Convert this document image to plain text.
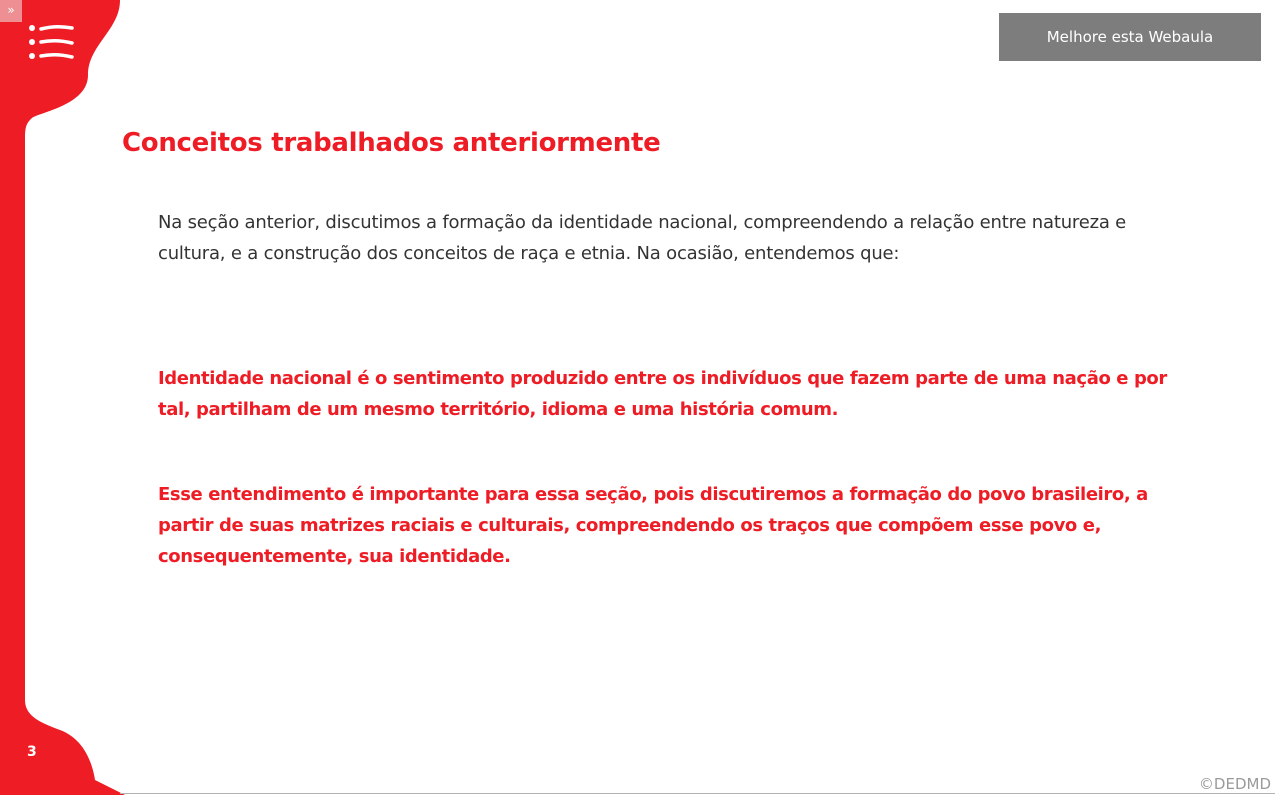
»
3
Melhore esta Webaula
Conceitos trabalhados anteriormente

Na seção anterior, discutimos a formação da identidade nacional, compreendendo a relação entre natureza e cultura, e a construção dos conceitos de raça e etnia. Na ocasião, entendemos que:

Identidade nacional é o sentimento produzido entre os indivíduos que fazem parte de uma nação e por tal, partilham de um mesmo território, idioma e uma história comum.

Esse entendimento é importante para essa seção, pois discutiremos a formação do povo brasileiro, a partir de suas matrizes raciais e culturais, compreendendo os traços que compõem esse povo e, consequentemente, sua identidade.

©DEDMD
